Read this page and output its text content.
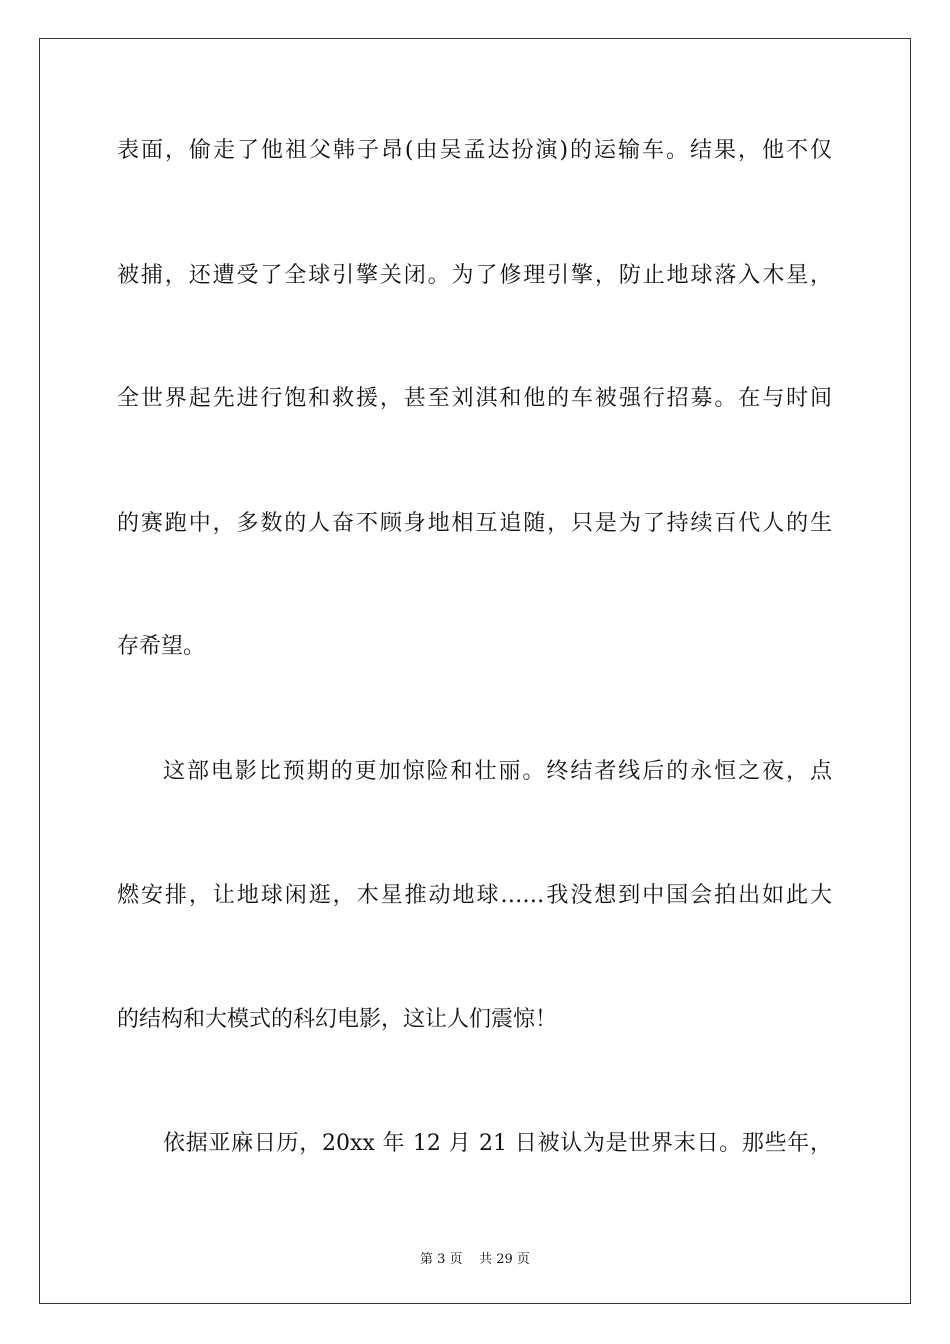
表面，偷走了他祖父韩子昂(由吴孟达扮演)的运输车。结果，他不仅
被捕，还遭受了全球引擎关闭。为了修理引擎，防止地球落入木星，
全世界起先进行饱和救援，甚至刘淇和他的车被强行招募。在与时间
的赛跑中，多数的人奋不顾身地相互追随，只是为了持续百代人的生
存希望。
这部电影比预期的更加惊险和壮丽。终结者线后的永恒之夜，点
燃安排，让地球闲逛，木星推动地球……我没想到中国会拍出如此大
的结构和大模式的科幻电影，这让人们震惊！
依据亚麻日历，20xx 年 12 月 21 日被认为是世界末日。那些年，
第 3 页 共 29 页
